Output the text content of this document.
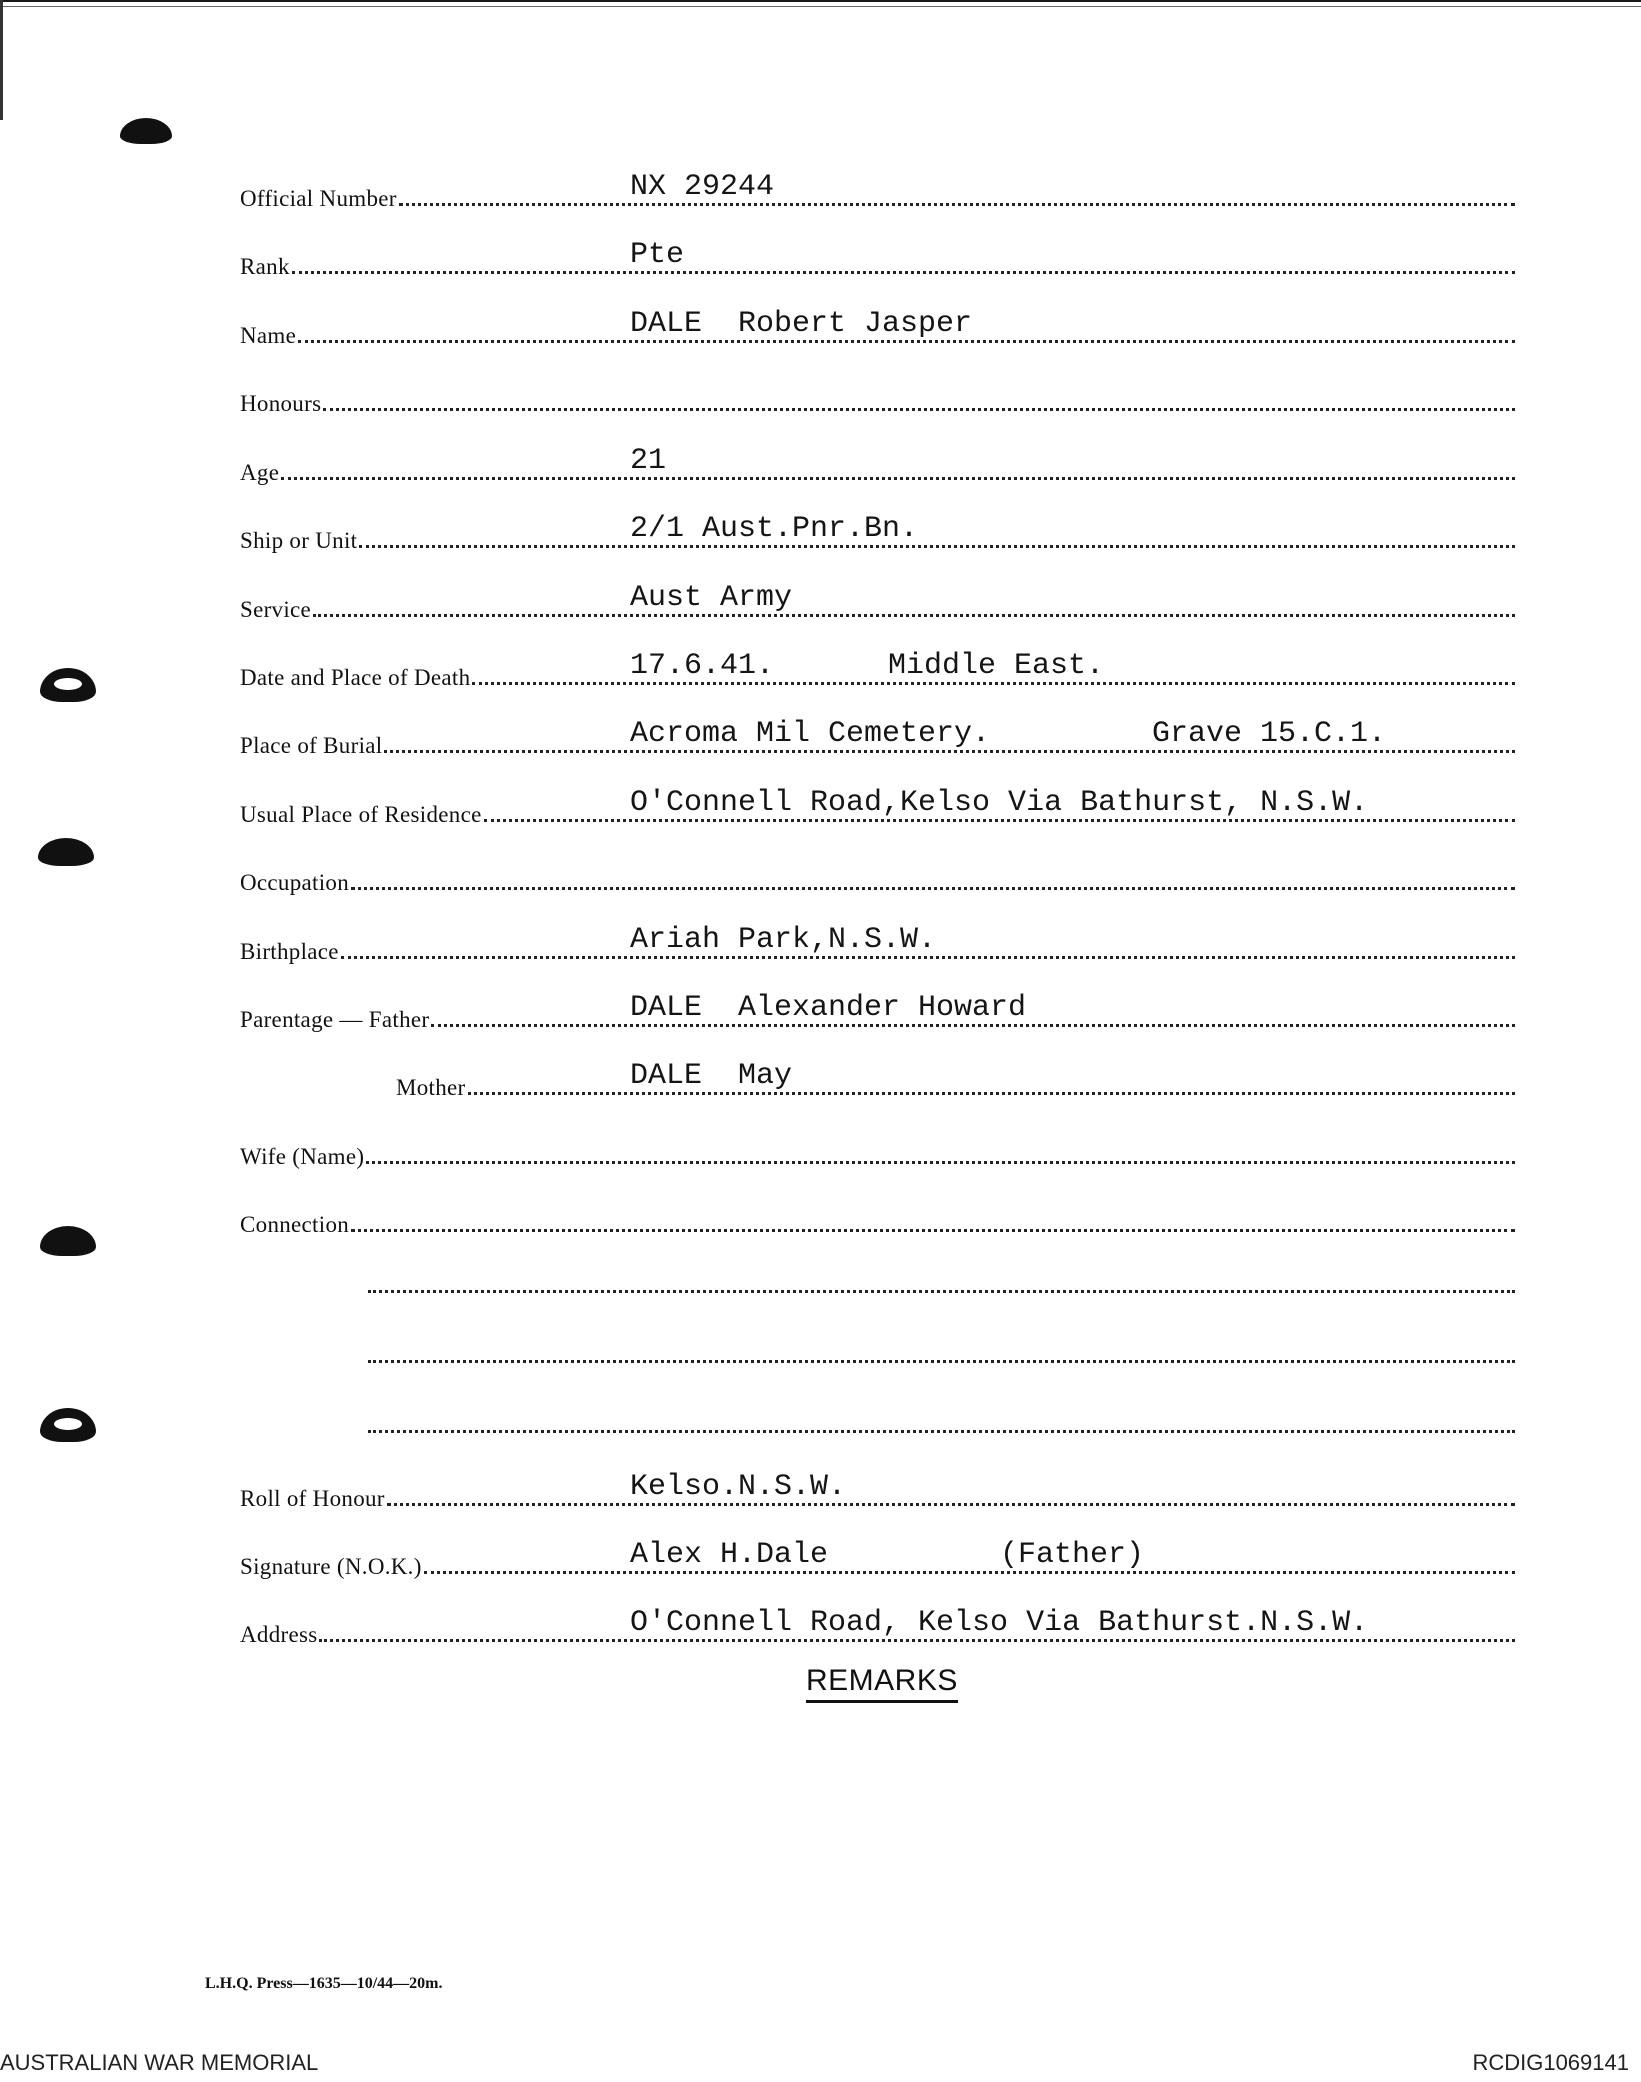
Official Number	NX 29244
Rank	Pte
Name	DALE  Robert Jasper
Honours
Age	21
Ship or Unit	2/1 Aust.Pnr.Bn.
Service	Aust Army
Date and Place of Death	17.6.41.	Middle East.
Place of Burial	Acroma Mil Cemetery.	Grave 15.C.1.
Usual Place of Residence	O'Connell Road,Kelso Via Bathurst, N.S.W.
Occupation
Birthplace	Ariah Park,N.S.W.
Parentage — Father	DALE  Alexander Howard
Mother	DALE  May
Wife (Name)
Connection
Roll of Honour	Kelso.N.S.W.
Signature (N.O.K.)	Alex H.Dale	(Father)
Address	O'Connell Road, Kelso Via Bathurst.N.S.W.
REMARKS
L.H.Q. Press—1635—10/44—20m.
AUSTRALIAN WAR MEMORIAL	RCDIG1069141
